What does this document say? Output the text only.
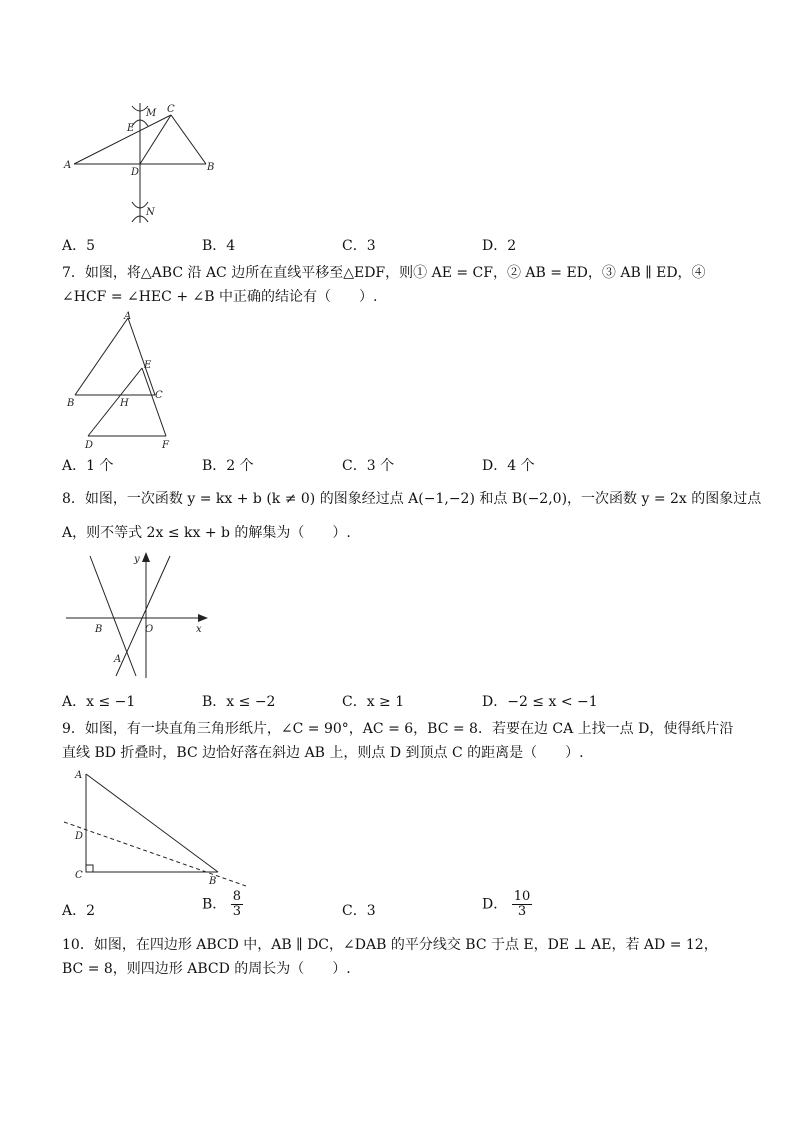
A	B
C
D
E
M
N
A．5	B．4	C．3	D．2
7．如图，将△ABC 沿 AC 边所在直线平移至△EDF，则① AE = CF，② AB = ED，③ AB ∥ ED，④
∠HCF = ∠HEC + ∠B 中正确的结论有（　　）.
A
B
C
D
E
F
H
A．1 个	B．2 个	C．3 个	D．4 个
8．如图，一次函数 y = kx + b (k ≠ 0) 的图象经过点 A(−1,−2) 和点 B(−2,0)，一次函数 y = 2x 的图象过点
A，则不等式 2x ≤ kx + b 的解集为（　　）.
y
x
B	O
A
A．x ≤ −1	B．x ≤ −2	C．x ≥ 1	D．−2 ≤ x < −1
9．如图，有一块直角三角形纸片，∠C = 90°，AC = 6，BC = 8．若要在边 CA 上找一点 D，使得纸片沿
直线 BD 折叠时，BC 边恰好落在斜边 AB 上，则点 D 到顶点 C 的距离是（　　）.
A
D
C
B
A．2	B． $\frac{8}{3}$	C．3	D． $\frac{10}{3}$
10．如图，在四边形 ABCD 中，AB ∥ DC，∠DAB 的平分线交 BC 于点 E，DE ⊥ AE，若 AD = 12，
BC = 8，则四边形 ABCD 的周长为（　　）.
